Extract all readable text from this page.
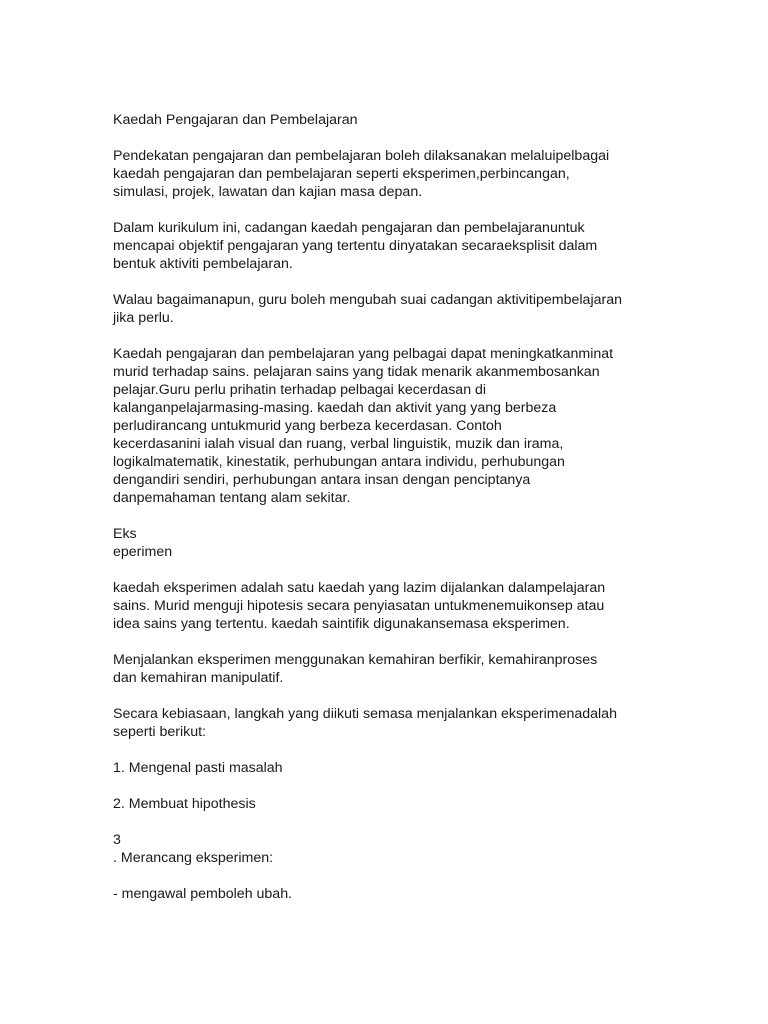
Kaedah Pengajaran dan Pembelajaran

Pendekatan pengajaran dan pembelajaran boleh dilaksanakan melaluipelbagai
kaedah pengajaran dan pembelajaran seperti eksperimen,perbincangan,
simulasi, projek, lawatan dan kajian masa depan.

Dalam kurikulum ini, cadangan kaedah pengajaran dan pembelajaranuntuk
mencapai objektif pengajaran yang tertentu dinyatakan secaraeksplisit dalam
bentuk aktiviti pembelajaran.

Walau bagaimanapun, guru boleh mengubah suai cadangan aktivitipembelajaran
jika perlu.

Kaedah pengajaran dan pembelajaran yang pelbagai dapat meningkatkanminat
murid terhadap sains. pelajaran sains yang tidak menarik akanmembosankan
pelajar.Guru perlu prihatin terhadap pelbagai kecerdasan di
kalanganpelajarmasing-masing. kaedah dan aktivit yang yang berbeza
perludirancang untukmurid yang berbeza kecerdasan. Contoh
kecerdasanini ialah visual dan ruang, verbal linguistik, muzik dan irama,
logikalmatematik, kinestatik, perhubungan antara individu, perhubungan
dengandiri sendiri, perhubungan antara insan dengan penciptanya
danpemahaman tentang alam sekitar.

Eks
eperimen

kaedah eksperimen adalah satu kaedah yang lazim dijalankan dalampelajaran
sains. Murid menguji hipotesis secara penyiasatan untukmenemuikonsep atau
idea sains yang tertentu. kaedah saintifik digunakansemasa eksperimen.

Menjalankan eksperimen menggunakan kemahiran berfikir, kemahiranproses
dan kemahiran manipulatif.

Secara kebiasaan, langkah yang diikuti semasa menjalankan eksperimenadalah
seperti berikut:

1. Mengenal pasti masalah

2. Membuat hipothesis

3
. Merancang eksperimen:

- mengawal pemboleh ubah.
